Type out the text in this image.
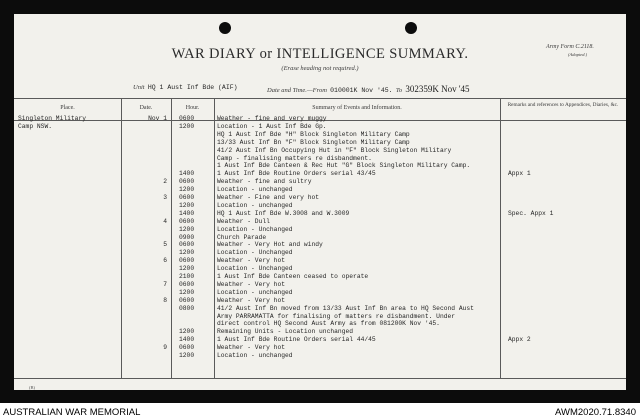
WAR DIARY or INTELLIGENCE SUMMARY.
(Erase heading not required.)
Army Form C.2118.
(Adapted.)
Unit HQ 1 Aust Inf Bde (AIF)	Date and Time.—From 010001K Nov '45. To 302359K Nov '45
Place.	Date.	Hour.	Summary of Events and Information.	Remarks and references to Appendices, Diaries, &c.
Singleton Military	Nov 1 0600	Weather - fine and very muggy
Camp NSW.	1200	Location - 1 Aust Inf Bde Gp.
HQ 1 Aust Inf Bde "H" Block Singleton Military Camp
13/33 Aust Inf Bn "F" Block Singleton Military Camp
41/2 Aust Inf Bn Occupying Hut in "F" Block Singleton Military
Camp - finalising matters re disbandment.
1 Aust Inf Bde Canteen & Rec Hut "G" Block Singleton Military Camp.
1400	1 Aust Inf Bde Routine Orders serial 43/45	Appx 1
2 0600	Weather - fine and sultry
1200	Location - unchanged
3 0600	Weather - Fine and very hot
1200	Location - unchanged
1400	HQ 1 Aust Inf Bde W.3008 and W.3009	Spec. Appx 1
4 0600	Weather - Dull
1200	Location - Unchanged
0900	Church Parade
5 0600	Weather - Very Hot and windy
1200	Location - Unchanged
6 0600	Weather - Very hot
1200	Location - Unchanged
2100	1 Aust Inf Bde Canteen ceased to operate
7 0600	Weather - Very hot
1200	Location - unchanged
8 0600	Weather - Very hot
0800	41/2 Aust Inf Bn moved from 13/33 Aust Inf Bn area to HQ Second Aust
Army PARRAMATTA for finalising of matters re disbandment. Under
direct control HQ Second Aust Army as from 081200K Nov '45.
1200	Remaining Units - Location unchanged
1400	1 Aust Inf Bde Routine Orders serial 44/45	Appx 2
9 0600	Weather - Very hot
1200	Location - unchanged
(B)
AUSTRALIAN WAR MEMORIAL	AWM2020.71.8340
